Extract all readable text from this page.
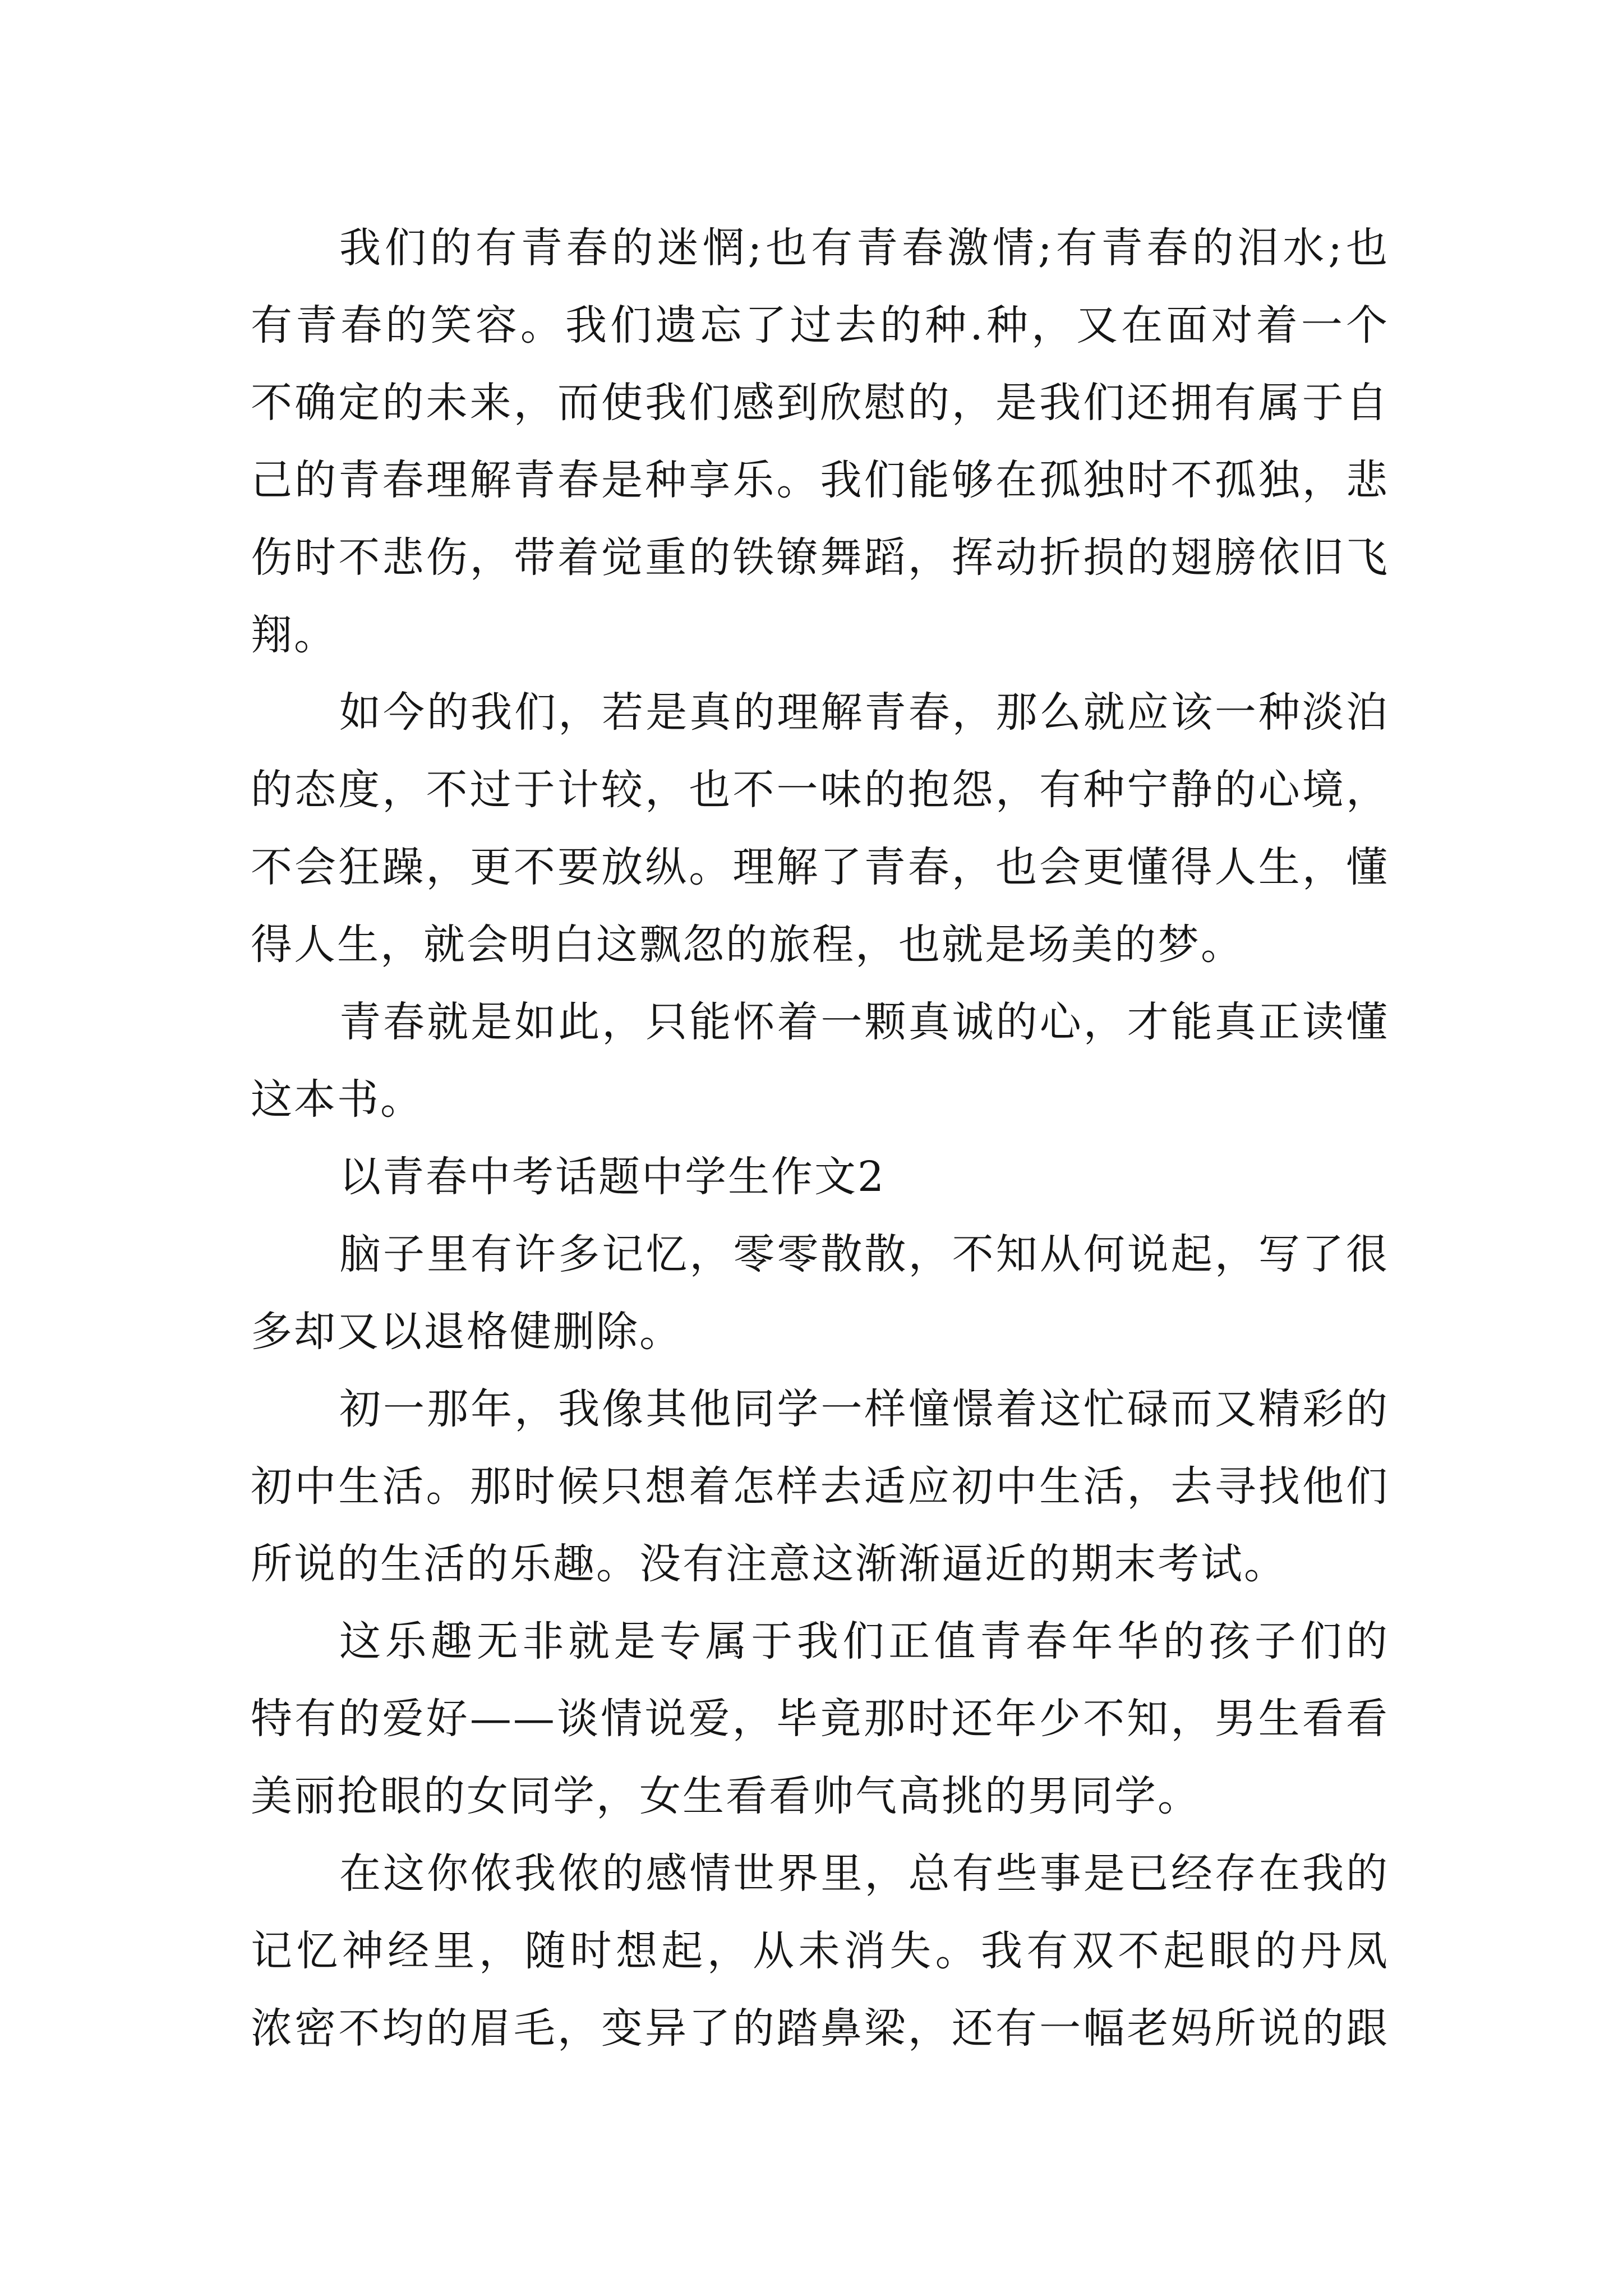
我们的有青春的迷惘;也有青春激情;有青春的泪水;也
有青春的笑容。我们遗忘了过去的种.种，又在面对着一个
不确定的未来，而使我们感到欣慰的，是我们还拥有属于自
己的青春理解青春是种享乐。我们能够在孤独时不孤独，悲
伤时不悲伤，带着觉重的铁镣舞蹈，挥动折损的翅膀依旧飞
翔。
如今的我们，若是真的理解青春，那么就应该一种淡泊
的态度，不过于计较，也不一味的抱怨，有种宁静的心境，
不会狂躁，更不要放纵。理解了青春，也会更懂得人生，懂
得人生，就会明白这飘忽的旅程，也就是场美的梦。
青春就是如此，只能怀着一颗真诚的心，才能真正读懂
这本书。
以青春中考话题中学生作文2
脑子里有许多记忆，零零散散，不知从何说起，写了很
多却又以退格健删除。
初一那年，我像其他同学一样憧憬着这忙碌而又精彩的
初中生活。那时候只想着怎样去适应初中生活，去寻找他们
所说的生活的乐趣。没有注意这渐渐逼近的期末考试。
这乐趣无非就是专属于我们正值青春年华的孩子们的
特有的爱好——谈情说爱，毕竟那时还年少不知，男生看看
美丽抢眼的女同学，女生看看帅气高挑的男同学。
在这你侬我侬的感情世界里，总有些事是已经存在我的
记忆神经里，随时想起，从未消失。我有双不起眼的丹凤
浓密不均的眉毛，变异了的踏鼻梁，还有一幅老妈所说的跟
